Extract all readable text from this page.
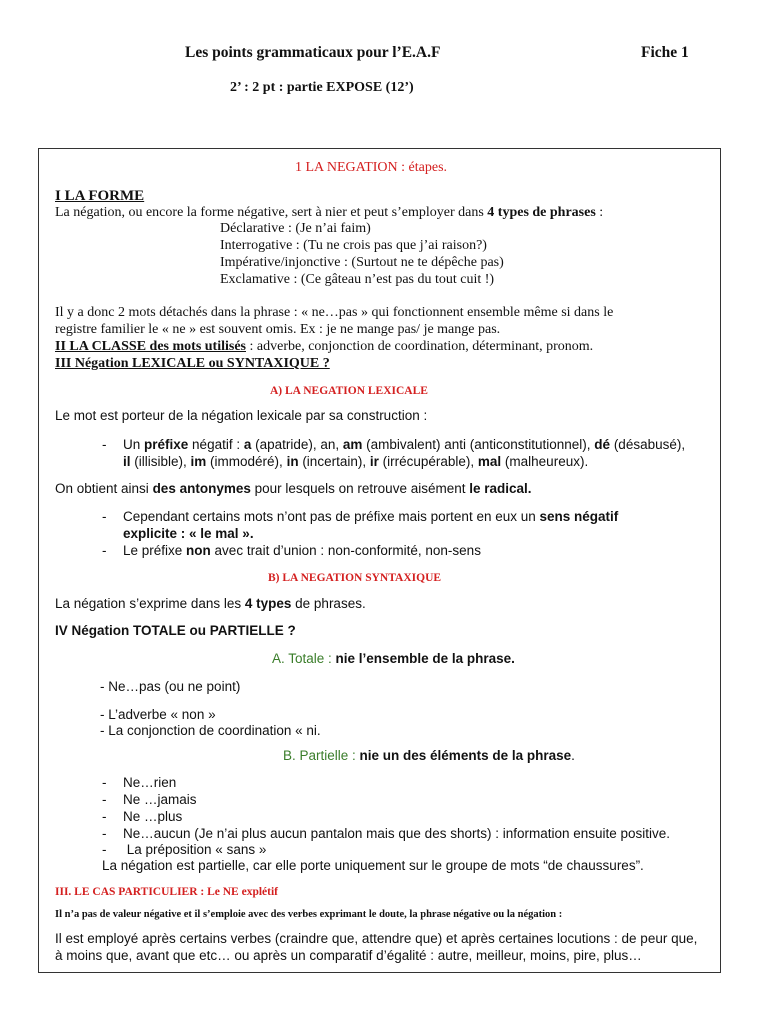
Les points grammaticaux pour l’E.A.F	Fiche 1
2’ : 2 pt : partie EXPOSE (12’)
1 LA NEGATION : étapes.
I LA FORME
La négation, ou encore la forme négative, sert à nier et peut s’employer dans 4 types de phrases :
Déclarative : (Je n’ai faim)
Interrogative : (Tu ne crois pas que j’ai raison?)
Impérative/injonctive : (Surtout ne te dépêche pas)
Exclamative : (Ce gâteau n’est pas du tout cuit !)
Il y a donc 2 mots détachés dans la phrase : « ne…pas » qui fonctionnent ensemble même si dans le
registre familier le « ne » est souvent omis. Ex : je ne mange pas/ je mange pas.
II LA CLASSE des mots utilisés : adverbe, conjonction de coordination, déterminant, pronom.
III Négation LEXICALE ou SYNTAXIQUE ?
A) LA NEGATION LEXICALE
Le mot est porteur de la négation lexicale par sa construction :
- Un préfixe négatif : a (apatride), an, am (ambivalent) anti (anticonstitutionnel), dé (désabusé),
il (illisible), im (immodéré), in (incertain), ir (irrécupérable), mal (malheureux).
On obtient ainsi des antonymes pour lesquels on retrouve aisément le radical.
- Cependant certains mots n’ont pas de préfixe mais portent en eux un sens négatif
explicite : « le mal ».
- Le préfixe non avec trait d’union : non-conformité, non-sens
B) LA NEGATION SYNTAXIQUE
La négation s’exprime dans les 4 types de phrases.
IV Négation TOTALE ou PARTIELLE ?
A. Totale : nie l’ensemble de la phrase.
- Ne…pas (ou ne point)
- L’adverbe « non »
- La conjonction de coordination « ni.
B. Partielle : nie un des éléments de la phrase.
- Ne…rien
- Ne …jamais
- Ne …plus
- Ne…aucun (Je n’ai plus aucun pantalon mais que des shorts) : information ensuite positive.
- La préposition « sans »
La négation est partielle, car elle porte uniquement sur le groupe de mots “de chaussures”.
III. LE CAS PARTICULIER : Le NE explétif
Il n’a pas de valeur négative et il s’emploie avec des verbes exprimant le doute, la phrase négative ou la négation :
Il est employé après certains verbes (craindre que, attendre que) et après certaines locutions : de peur que,
à moins que, avant que etc… ou après un comparatif d’égalité : autre, meilleur, moins, pire, plus…
